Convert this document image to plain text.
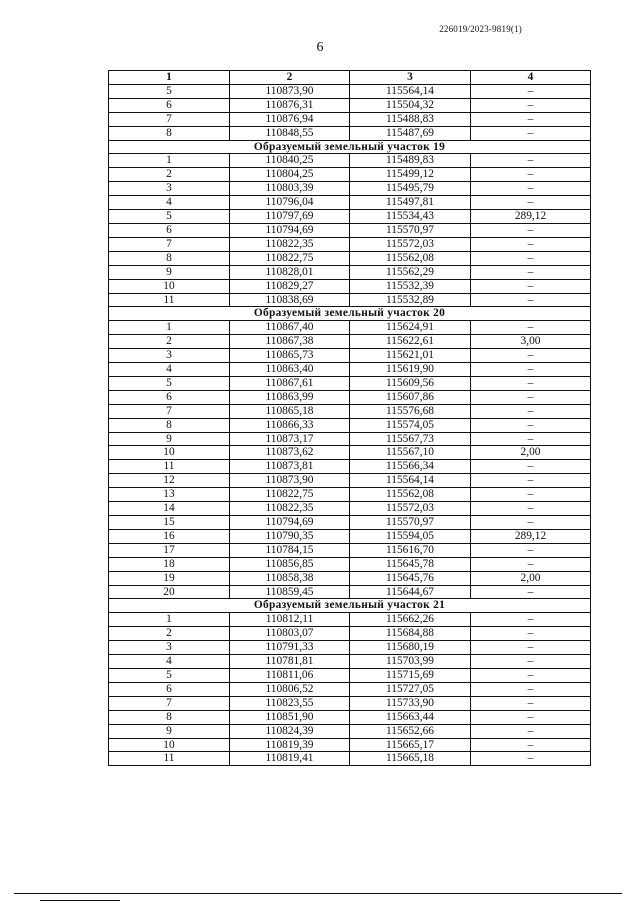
226019/2023-9819(1)
6
1	2	3	4
5	110873,90	115564,14	–
6	110876,31	115504,32	–
7	110876,94	115488,83	–
8	110848,55	115487,69	–
Образуемый земельный участок 19			
1	110840,25	115489,83	–
2	110804,25	115499,12	–
3	110803,39	115495,79	–
4	110796,04	115497,81	–
5	110797,69	115534,43	289,12
6	110794,69	115570,97	–
7	110822,35	115572,03	–
8	110822,75	115562,08	–
9	110828,01	115562,29	–
10	110829,27	115532,39	–
11	110838,69	115532,89	–
Образуемый земельный участок 20			
1	110867,40	115624,91	–
2	110867,38	115622,61	3,00
3	110865,73	115621,01	–
4	110863,40	115619,90	–
5	110867,61	115609,56	–
6	110863,99	115607,86	–
7	110865,18	115576,68	–
8	110866,33	115574,05	–
9	110873,17	115567,73	–
10	110873,62	115567,10	2,00
11	110873,81	115566,34	–
12	110873,90	115564,14	–
13	110822,75	115562,08	–
14	110822,35	115572,03	–
15	110794,69	115570,97	–
16	110790,35	115594,05	289,12
17	110784,15	115616,70	–
18	110856,85	115645,78	–
19	110858,38	115645,76	2,00
20	110859,45	115644,67	–
Образуемый земельный участок 21			
1	110812,11	115662,26	–
2	110803,07	115684,88	–
3	110791,33	115680,19	–
4	110781,81	115703,99	–
5	110811,06	115715,69	–
6	110806,52	115727,05	–
7	110823,55	115733,90	–
8	110851,90	115663,44	–
9	110824,39	115652,66	–
10	110819,39	115665,17	–
11	110819,41	115665,18	–
